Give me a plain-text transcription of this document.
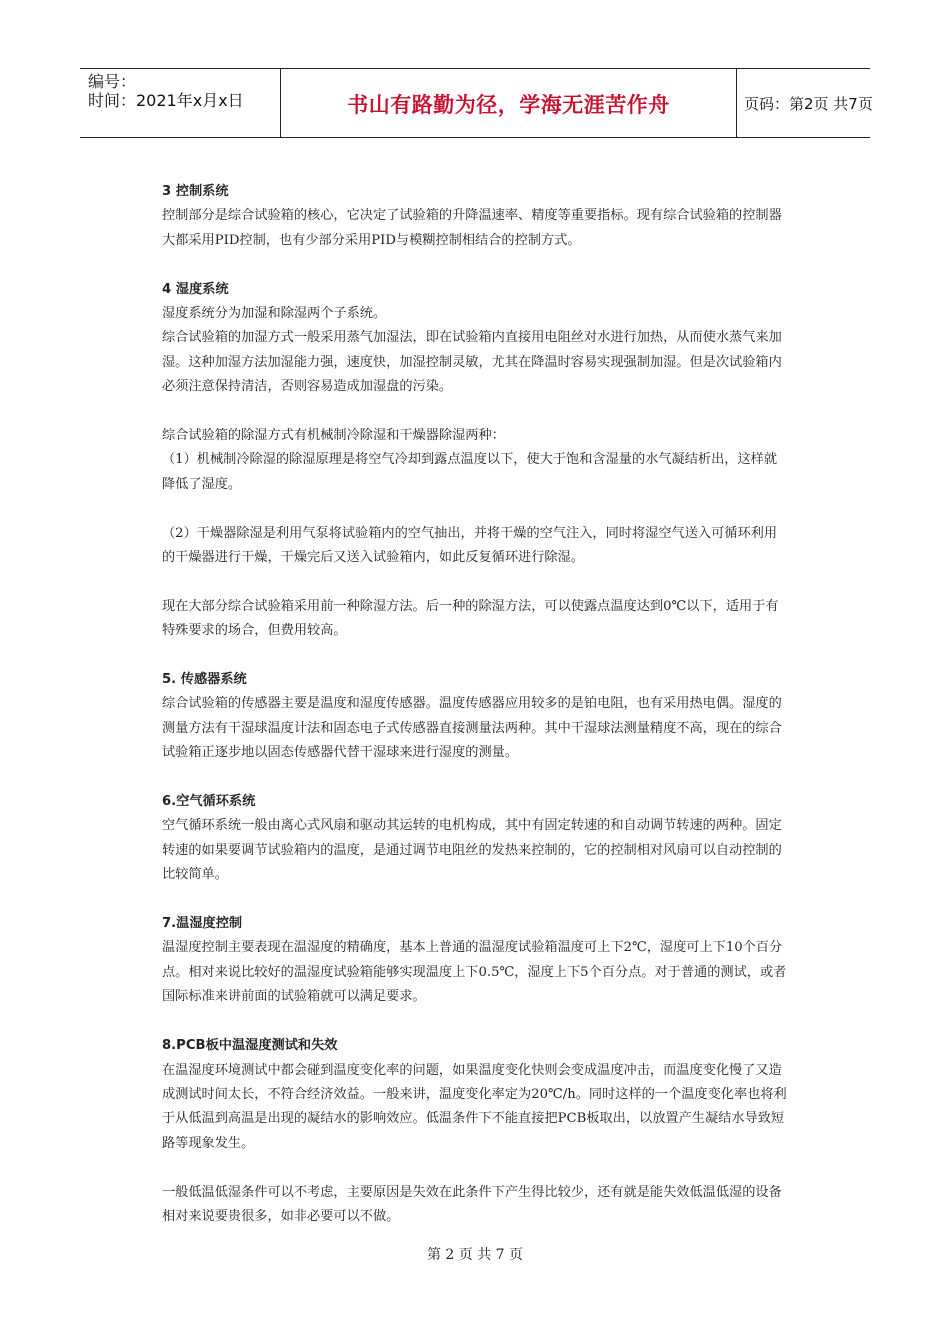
编号：
时间：2021年x月x日	书山有路勤为径，学海无涯苦作舟	页码：第2页 共7页
3 控制系统

控制部分是综合试验箱的核心，它决定了试验箱的升降温速率、精度等重要指标。现有综合试验箱的控制器大都采用PID控制，也有少部分采用PID与模糊控制相结合的控制方式。

4 湿度系统

湿度系统分为加湿和除湿两个子系统。

综合试验箱的加湿方式一般采用蒸气加湿法，即在试验箱内直接用电阻丝对水进行加热，从而使水蒸气来加湿。这种加湿方法加湿能力强，速度快，加湿控制灵敏，尤其在降温时容易实现强制加湿。但是次试验箱内必须注意保持清洁，否则容易造成加湿盘的污染。

综合试验箱的除湿方式有机械制冷除湿和干燥器除湿两种：

（1）机械制冷除湿的除湿原理是将空气冷却到露点温度以下，使大于饱和含湿量的水气凝结析出，这样就降低了湿度。

（2）干燥器除湿是利用气泵将试验箱内的空气抽出，并将干燥的空气注入，同时将湿空气送入可循环利用的干燥器进行干燥，干燥完后又送入试验箱内，如此反复循环进行除湿。

现在大部分综合试验箱采用前一种除湿方法。后一种的除湿方法，可以使露点温度达到0℃以下，适用于有特殊要求的场合，但费用较高。

5. 传感器系统

综合试验箱的传感器主要是温度和湿度传感器。温度传感器应用较多的是铂电阻，也有采用热电偶。湿度的测量方法有干湿球温度计法和固态电子式传感器直接测量法两种。其中干湿球法测量精度不高，现在的综合试验箱正逐步地以固态传感器代替干湿球来进行湿度的测量。

6.空气循环系统

空气循环系统一般由离心式风扇和驱动其运转的电机构成，其中有固定转速的和自动调节转速的两种。固定转速的如果要调节试验箱内的温度，是通过调节电阻丝的发热来控制的，它的控制相对风扇可以自动控制的比较简单。

7.温湿度控制

温湿度控制主要表现在温湿度的精确度，基本上普通的温湿度试验箱温度可上下2℃，湿度可上下10个百分点。相对来说比较好的温湿度试验箱能够实现温度上下0.5℃，湿度上下5个百分点。对于普通的测试，或者国际标准来讲前面的试验箱就可以满足要求。

8.PCB板中温湿度测试和失效

在温湿度环境测试中都会碰到温度变化率的问题，如果温度变化快则会变成温度冲击，而温度变化慢了又造成测试时间太长，不符合经济效益。一般来讲，温度变化率定为20℃/h。同时这样的一个温度变化率也将利于从低温到高温是出现的凝结水的影响效应。低温条件下不能直接把PCB板取出，以放置产生凝结水导致短路等现象发生。

一般低温低湿条件可以不考虑，主要原因是失效在此条件下产生得比较少，还有就是能失效低温低湿的设备相对来说要贵很多，如非必要可以不做。

第 2 页 共 7 页
